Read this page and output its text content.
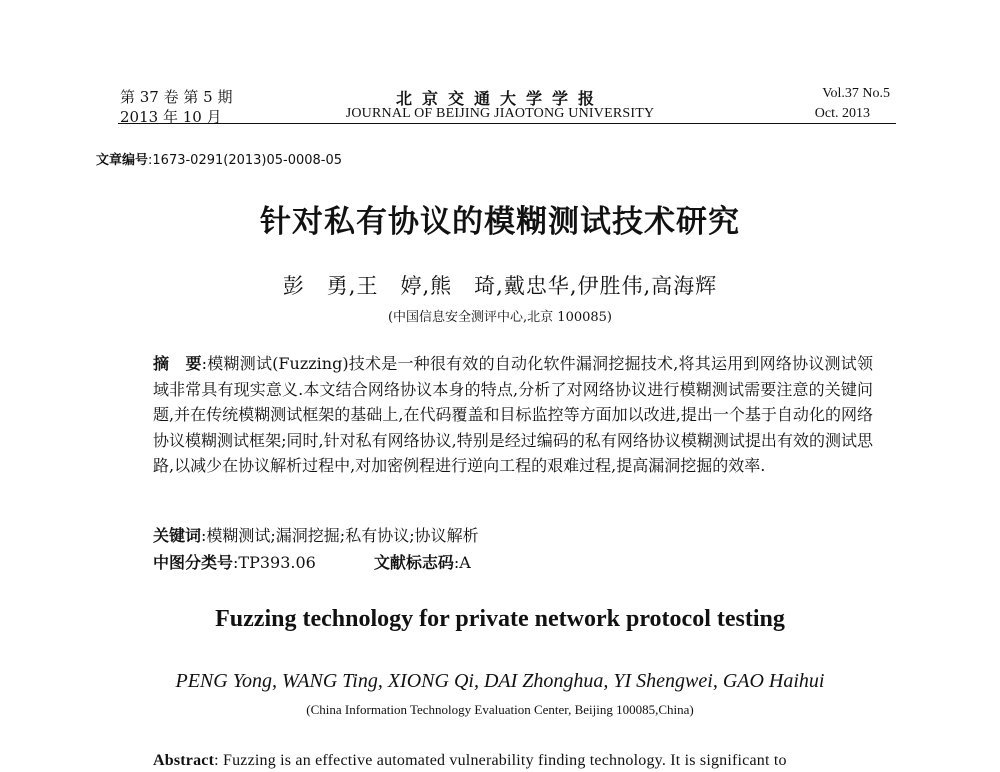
第 37 卷 第 5 期
2013 年 10 月
北京交通大学学报
JOURNAL OF BEIJING JIAOTONG UNIVERSITY
Vol.37 No.5
Oct. 2013
文章编号:1673-0291(2013)05-0008-05
针对私有协议的模糊测试技术研究
彭　勇,王　婷,熊　琦,戴忠华,伊胜伟,高海辉
(中国信息安全测评中心,北京 100085)
摘　要:模糊测试(Fuzzing)技术是一种很有效的自动化软件漏洞挖掘技术,将其运用到网络协议测试领域非常具有现实意义.本文结合网络协议本身的特点,分析了对网络协议进行模糊测试需要注意的关键问题,并在传统模糊测试框架的基础上,在代码覆盖和目标监控等方面加以改进,提出一个基于自动化的网络协议模糊测试框架;同时,针对私有网络协议,特别是经过编码的私有网络协议模糊测试提出有效的测试思路,以减少在协议解析过程中,对加密例程进行逆向工程的艰难过程,提高漏洞挖掘的效率.
关键词:模糊测试;漏洞挖掘;私有协议;协议解析
中图分类号:TP393.06	文献标志码:A
Fuzzing technology for private network protocol testing
PENG Yong, WANG Ting, XIONG Qi, DAI Zhonghua, YI Shengwei, GAO Haihui
(China Information Technology Evaluation Center, Beijing 100085,China)
Abstract: Fuzzing is an effective automated vulnerability finding technology. It is significant to
